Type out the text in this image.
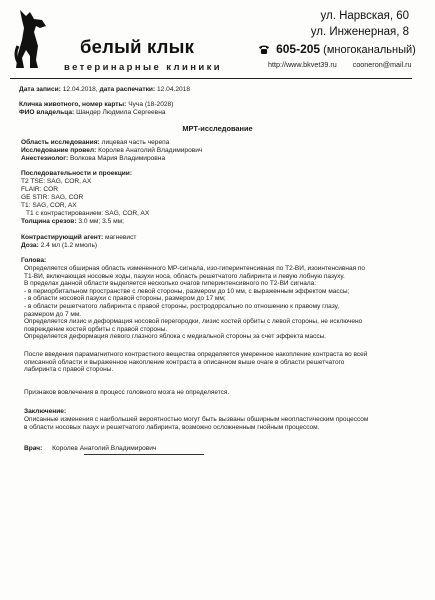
белый клык
ветеринарные клиники
ул. Нарвская, 60
ул. Инженерная, 8
605-205 (многоканальный)
http://www.bkvet39.ru cooneron@mail.ru
Дата записи: 12.04.2018, дата распечатки: 12.04.2018
Кличка животного, номер карты: Чуча (18-2028)
ФИО владельца: Шандер Людмила Сергеевна
МРТ-исследование
Область исследования: лицевая часть черепа
Исследование провел: Королев Анатолий Владимирович
Анестезиолог: Волкова Мария Владимировна
Последовательности и проекции:
T2 TSE: SAG, COR, AX
FLAIR: COR
GE STIR: SAG, COR
T1: SAG, COR, AX
T1 с контрастированием: SAG, COR, AX
Толщина срезов: 3.0 мм; 3.5 мм;
Контрастирующий агент: магневист
Доза: 2.4 мл (1.2 ммоль)
Голова:
Определяется обширная область измененного МР-сигнала, изо-гиперинтенсивная по Т2-ВИ, изоинтенсивная по
Т1-ВИ, включающая носовые ходы, пазухи носа, область решетчатого лабиринта и левую лобную пазуху.
В пределах данной области выделяется несколько очагов гиперинтенсивного по Т2-ВИ сигнала:
- в периорбитальном пространстве с левой стороны, размером до 10 мм, с выраженным эффектом массы;
- в области носовой пазухи с правой стороны, размером до 17 мм;
- в области решетчатого лабиринта с правой стороны, ростродорсально по отношению к правому глазу,
размером до 7 мм.
Определяется лизис и деформация носовой перегородки, лизис костей орбиты с левой стороны, не исключено
повреждение костей орбиты с правой стороны.
Определяется деформация левого глазного яблока с медиальной стороны за счет эффекта массы.
После введения парамагнитного контрастного вещества определяется умеренное накопление контраста во всей
описанной области и выраженное накопление контраста в описанном выше очаге в области решетчатого
лабиринта с правой стороны.
Признаков вовлечения в процесс головного мозга не определяется.
Заключение:
Описанные изменения с наибольшей вероятностью могут быть вызваны обширным неопластическим процессом
в области носовых пазух и решетчатого лабиринта, возможно осложненным гнойным процессом.
Врач: Королев Анатолий Владимирович
